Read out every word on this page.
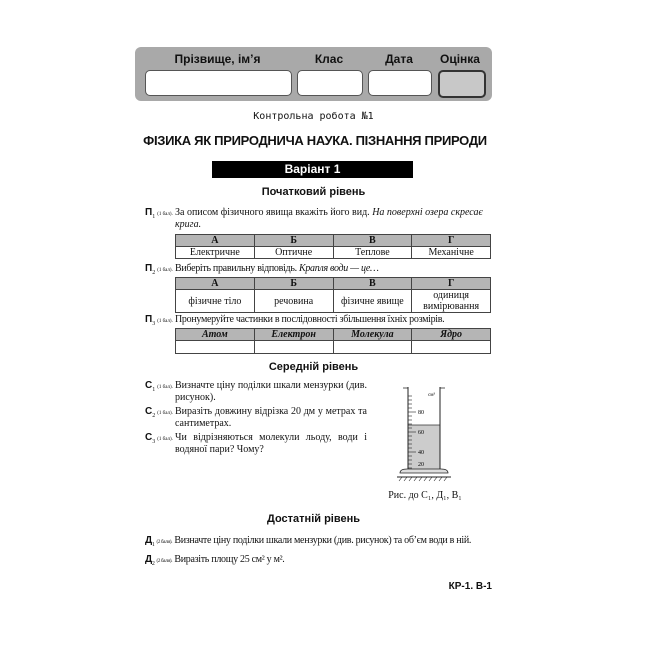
Прізвище, ім’я	Клас	Дата	Оцінка
Контрольна робота №1
ФІЗИКА ЯК ПРИРОДНИЧА НАУКА. ПІЗНАННЯ ПРИРОДИ
Варіант 1
Початковий рівень
$П_1$ (1 бал). За описом фізичного явища вкажіть його вид. На поверхні озера скресає крига.
А	Б	В	Г
Електричне	Оптичне	Теплове	Механічне
$П_2$ (1 бал). Виберіть правильну відповідь. Крапля води — це…
А	Б	В	Г
фізичне тіло	речовина	фізичне явище	одиниця вимірювання
$П_3$ (1 бал). Пронумеруйте частинки в послідовності збільшення їхніх розмірів.
Атом	Електрон	Молекула	Ядро

Середній рівень
$С_1$ (1 бал). Визначте ціну поділки шкали мензурки (див. рисунок).
$С_2$ (1 бал). Виразіть довжину відрізка 20 дм у метрах та сантиметрах.
$С_3$ (1 бал). Чи відрізняються молекули льоду, води і водяної пари? Чому?
см³
80
60
40
20
Рис. до С₁, Д₁, В₁
Достатній рівень
$Д_1$ (2 бали). Визначте ціну поділки шкали мензурки (див. рисунок) та об’єм води в ній.
$Д_2$ (2 бали). Виразіть площу 25 см² у м².
КР-1. В-1
